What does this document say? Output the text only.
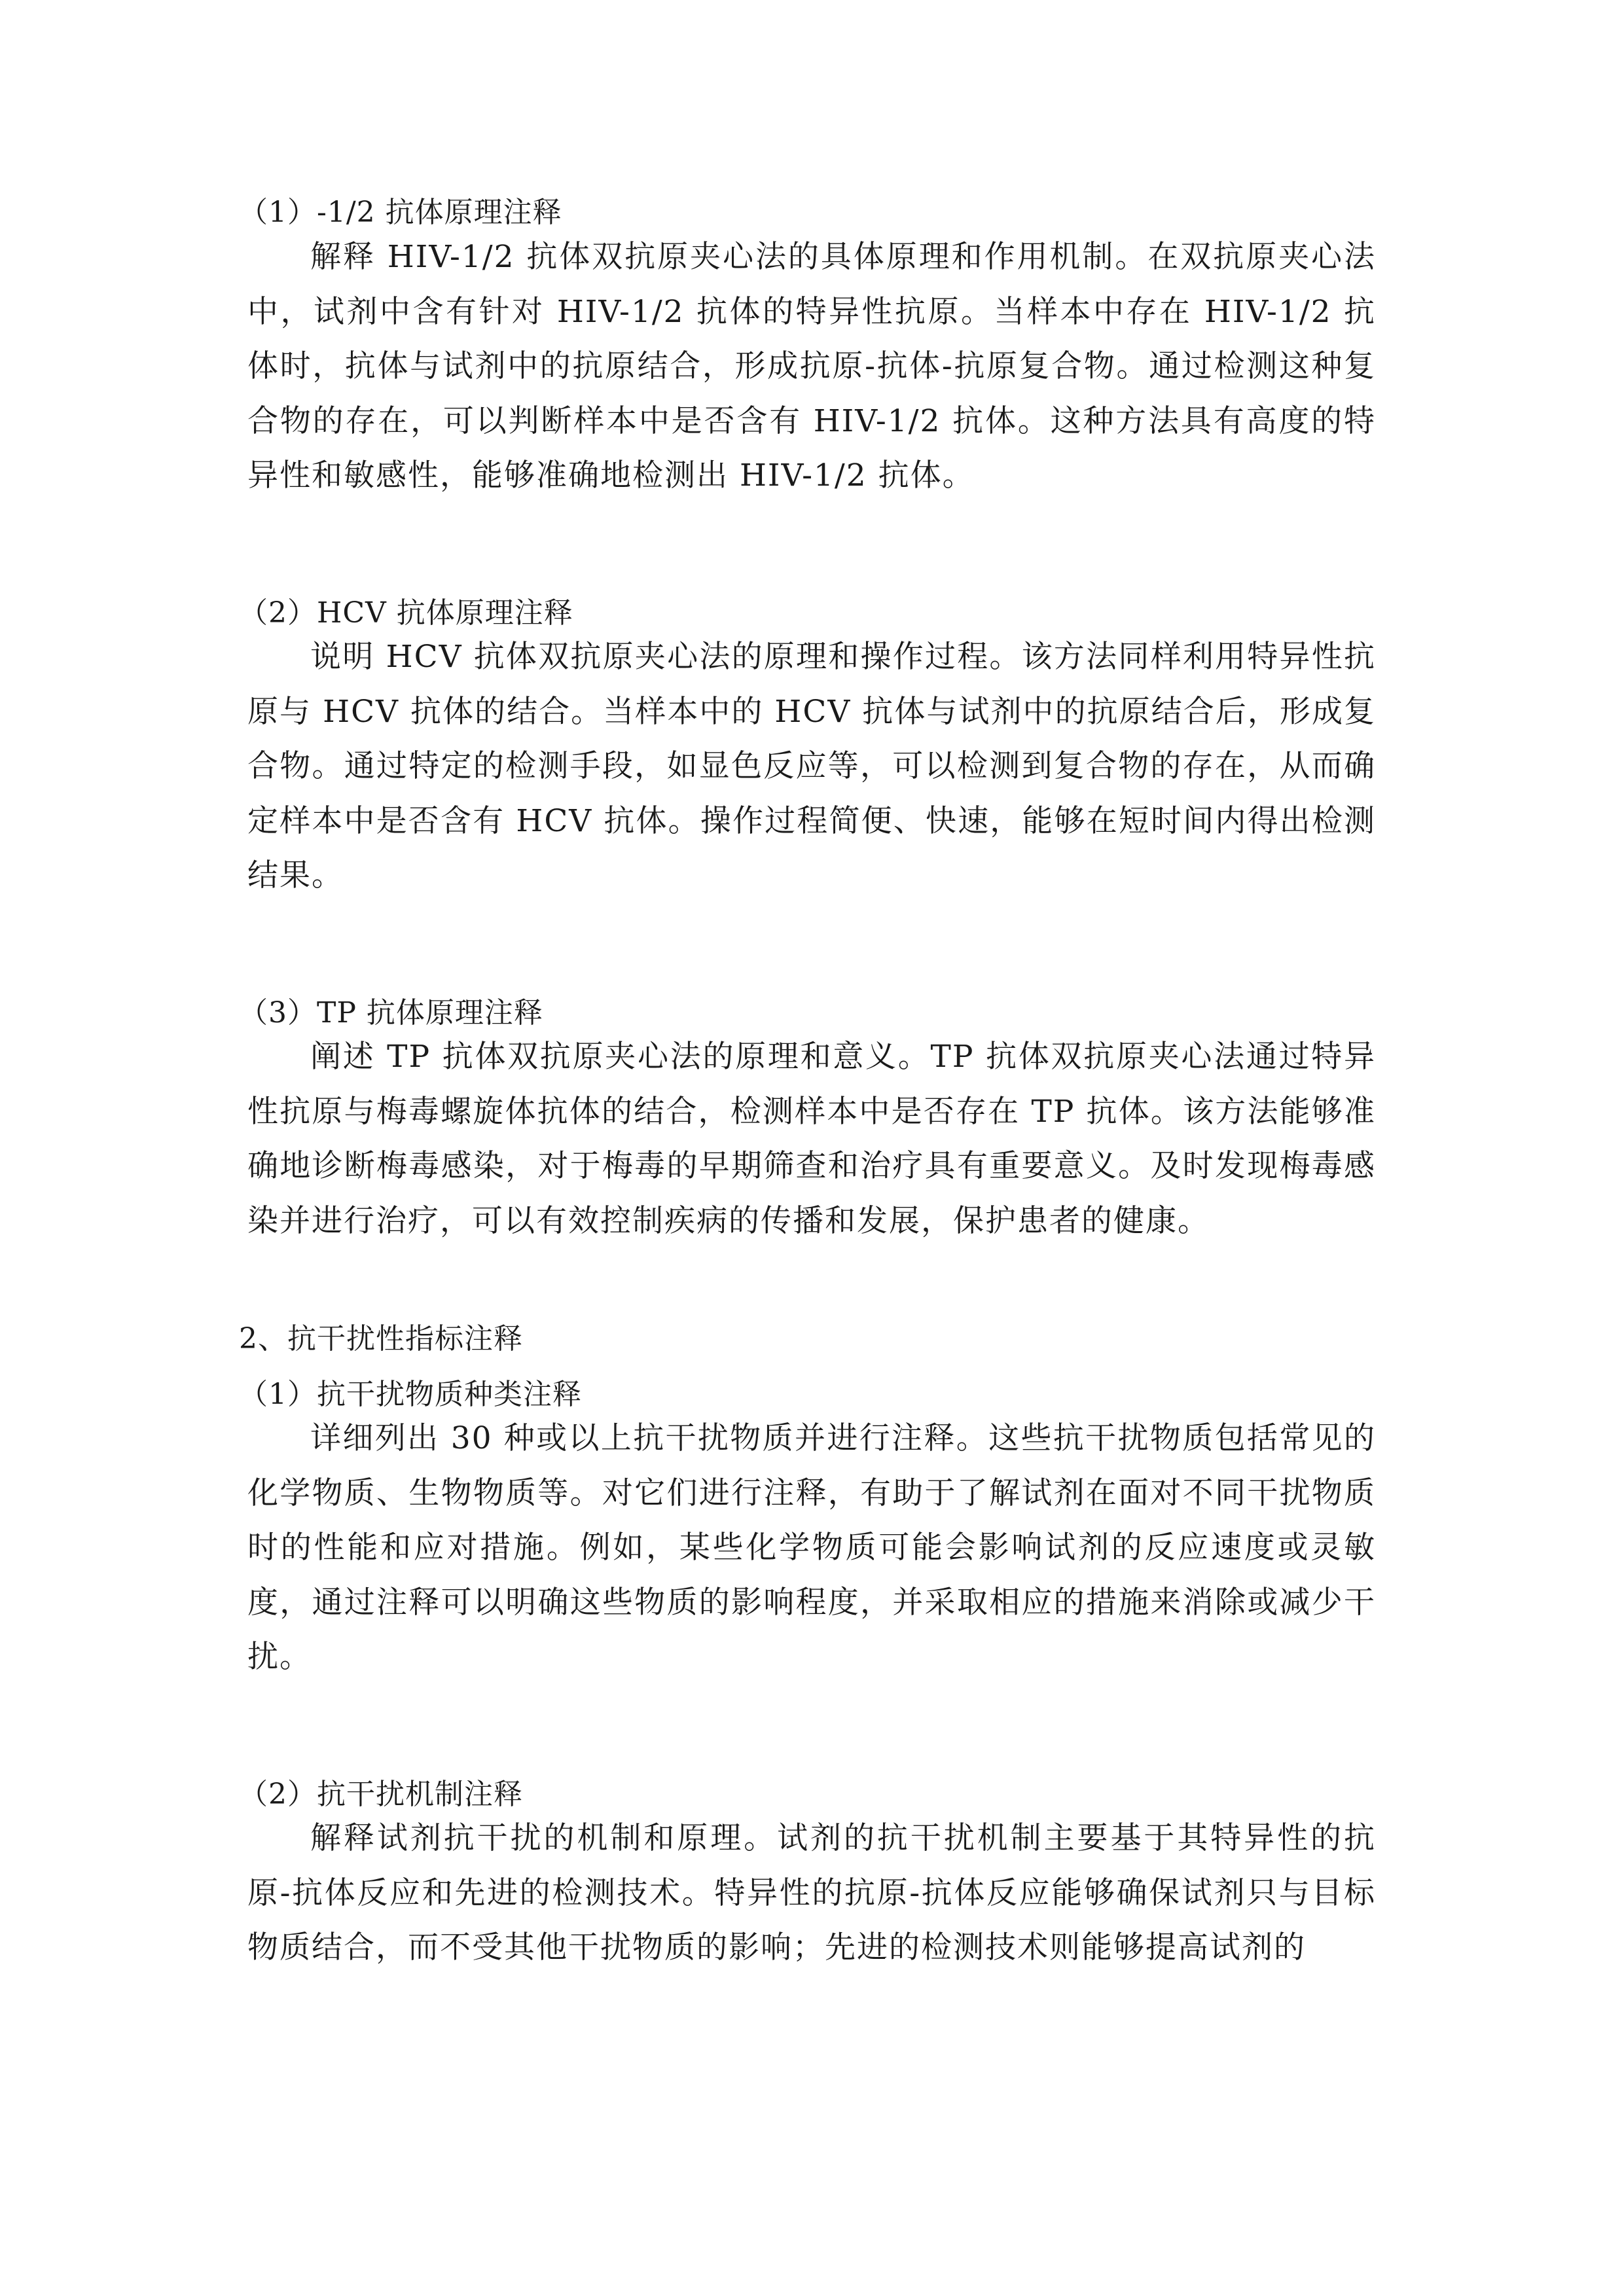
（1）-1/2 抗体原理注释

解释 HIV-1/2 抗体双抗原夹心法的具体原理和作用机制。在双抗原夹心法中，试剂中含有针对 HIV-1/2 抗体的特异性抗原。当样本中存在 HIV-1/2 抗体时，抗体与试剂中的抗原结合，形成抗原-抗体-抗原复合物。通过检测这种复合物的存在，可以判断样本中是否含有 HIV-1/2 抗体。这种方法具有高度的特异性和敏感性，能够准确地检测出 HIV-1/2 抗体。

（2）HCV 抗体原理注释

说明 HCV 抗体双抗原夹心法的原理和操作过程。该方法同样利用特异性抗原与 HCV 抗体的结合。当样本中的 HCV 抗体与试剂中的抗原结合后，形成复合物。通过特定的检测手段，如显色反应等，可以检测到复合物的存在，从而确定样本中是否含有 HCV 抗体。操作过程简便、快速，能够在短时间内得出检测结果。

（3）TP 抗体原理注释

阐述 TP 抗体双抗原夹心法的原理和意义。TP 抗体双抗原夹心法通过特异性抗原与梅毒螺旋体抗体的结合，检测样本中是否存在 TP 抗体。该方法能够准确地诊断梅毒感染，对于梅毒的早期筛查和治疗具有重要意义。及时发现梅毒感染并进行治疗，可以有效控制疾病的传播和发展，保护患者的健康。

2、抗干扰性指标注释
（1）抗干扰物质种类注释

详细列出 30 种或以上抗干扰物质并进行注释。这些抗干扰物质包括常见的化学物质、生物物质等。对它们进行注释，有助于了解试剂在面对不同干扰物质时的性能和应对措施。例如，某些化学物质可能会影响试剂的反应速度或灵敏度，通过注释可以明确这些物质的影响程度，并采取相应的措施来消除或减少干扰。

（2）抗干扰机制注释

解释试剂抗干扰的机制和原理。试剂的抗干扰机制主要基于其特异性的抗原-抗体反应和先进的检测技术。特异性的抗原-抗体反应能够确保试剂只与目标物质结合，而不受其他干扰物质的影响；先进的检测技术则能够提高试剂的
